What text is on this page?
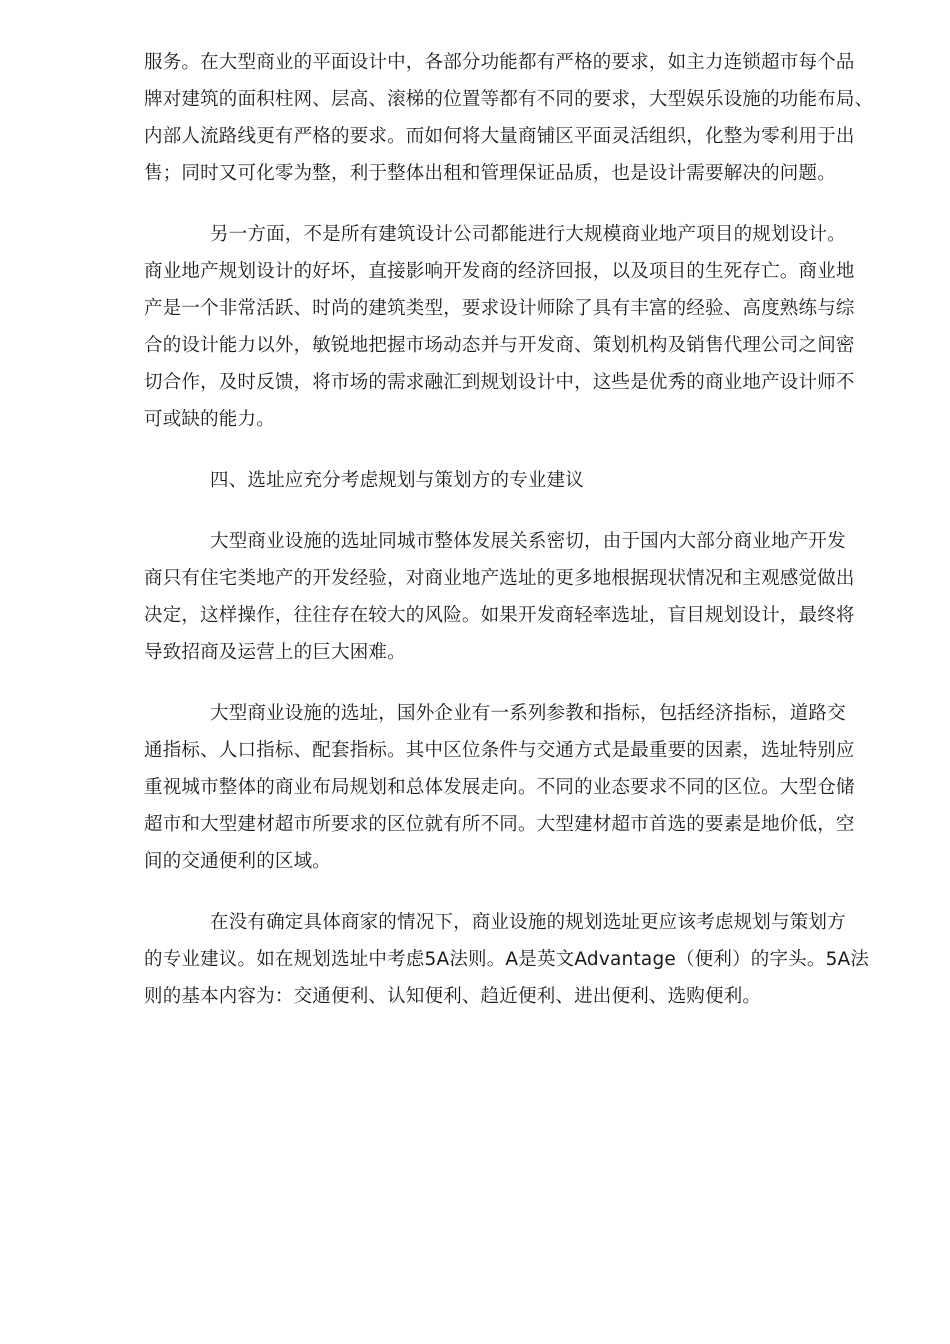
服务。在大型商业的平面设计中，各部分功能都有严格的要求，如主力连锁超市每个品
牌对建筑的面积柱网、层高、滚梯的位置等都有不同的要求，大型娱乐设施的功能布局、
内部人流路线更有严格的要求。而如何将大量商铺区平面灵活组织，化整为零利用于出
售；同时又可化零为整，利于整体出租和管理保证品质，也是设计需要解决的问题。
另一方面，不是所有建筑设计公司都能进行大规模商业地产项目的规划设计。
商业地产规划设计的好坏，直接影响开发商的经济回报，以及项目的生死存亡。商业地
产是一个非常活跃、时尚的建筑类型，要求设计师除了具有丰富的经验、高度熟练与综
合的设计能力以外，敏锐地把握市场动态并与开发商、策划机构及销售代理公司之间密
切合作，及时反馈，将市场的需求融汇到规划设计中，这些是优秀的商业地产设计师不
可或缺的能力。
四、选址应充分考虑规划与策划方的专业建议
大型商业设施的选址同城市整体发展关系密切，由于国内大部分商业地产开发
商只有住宅类地产的开发经验，对商业地产选址的更多地根据现状情况和主观感觉做出
决定，这样操作，往往存在较大的风险。如果开发商轻率选址，盲目规划设计，最终将
导致招商及运营上的巨大困难。
大型商业设施的选址，国外企业有一系列参教和指标，包括经济指标，道路交
通指标、人口指标、配套指标。其中区位条件与交通方式是最重要的因素，选址特别应
重视城市整体的商业布局规划和总体发展走向。不同的业态要求不同的区位。大型仓储
超市和大型建材超市所要求的区位就有所不同。大型建材超市首选的要素是地价低，空
间的交通便利的区域。
在没有确定具体商家的情况下，商业设施的规划选址更应该考虑规划与策划方
的专业建议。如在规划选址中考虑5A法则。A是英文Advantage（便利）的字头。5A法
则的基本内容为：交通便利、认知便利、趋近便利、进出便利、选购便利。
